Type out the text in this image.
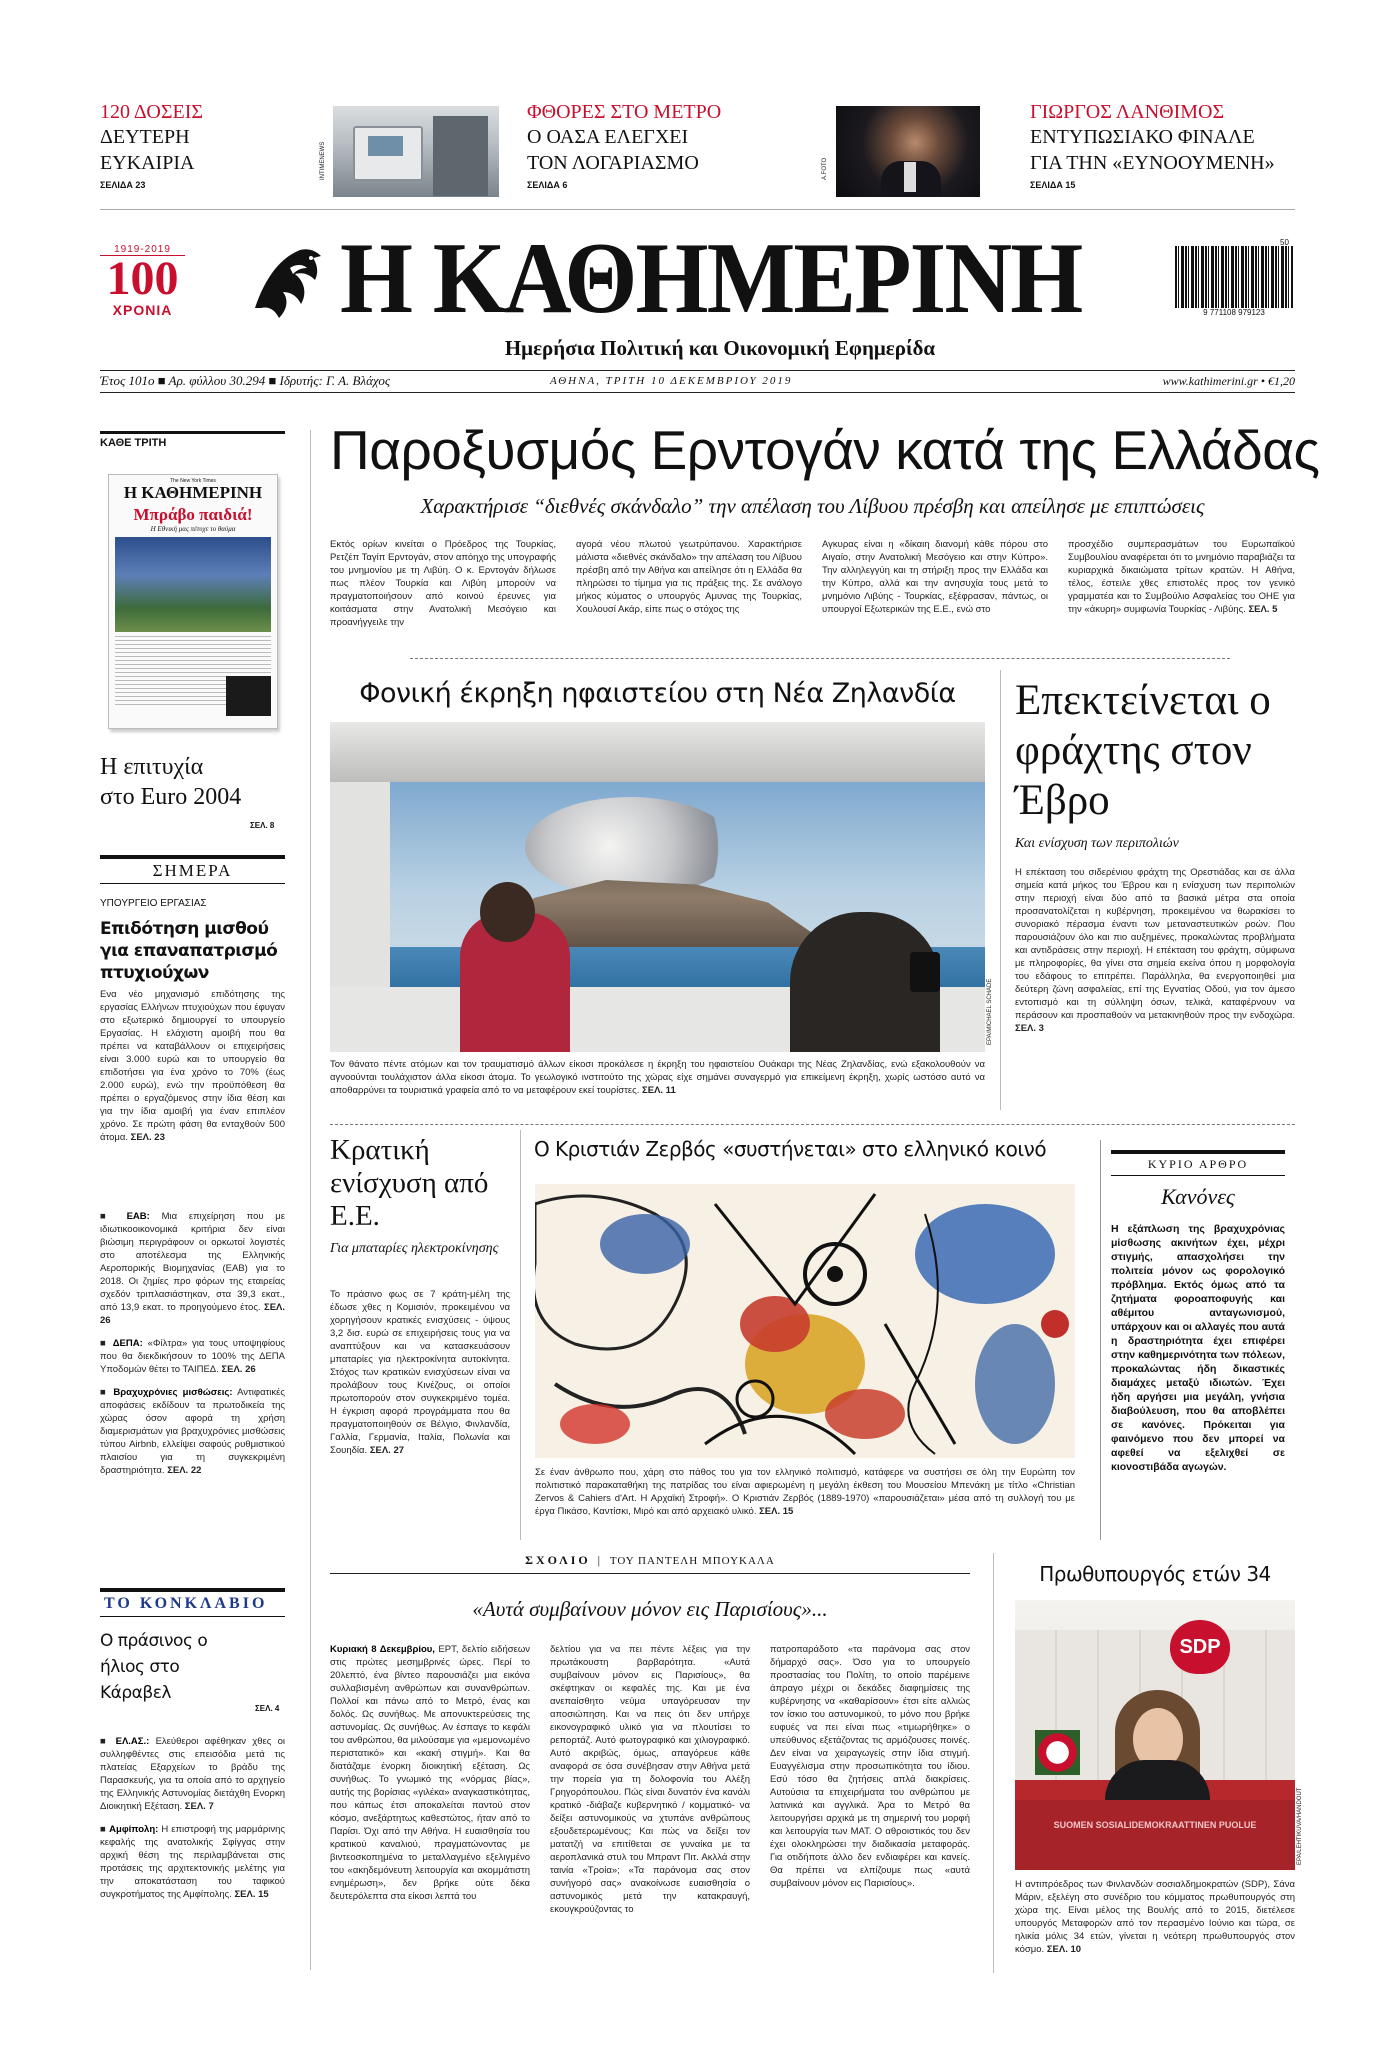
120 ΔΟΣΕΙΣ
ΔΕΥΤΕΡΗ
ΕΥΚΑΙΡΙΑ
ΣΕΛΙΔΑ 23
INTIMENEWS
ΦΘΟΡΕΣ ΣΤΟ ΜΕΤΡΟ
Ο ΟΑΣΑ ΕΛΕΓΧΕΙ
ΤΟΝ ΛΟΓΑΡΙΑΣΜΟ
ΣΕΛΙΔΑ 6
A.FOTO
ΓΙΩΡΓΟΣ ΛΑΝΘΙΜΟΣ
ΕΝΤΥΠΩΣΙΑΚΟ ΦΙΝΑΛΕ
ΓΙΑ ΤΗΝ «ΕΥΝΟΟΥΜΕΝΗ»
ΣΕΛΙΔΑ 15
1919-2019
100
ΧΡΟΝΙΑ Η ΚΑΘΗΜΕΡΙΝΗ
Ημερήσια Πολιτική και Οικονομική Εφημερίδα
9 771108 979123
50
Έτος 101ο ■ Αρ. φύλλου 30.294 ■ Ιδρυτής: Γ. Α. Βλάχος	ΑΘΗΝΑ, ΤΡΙΤΗ 10 ΔΕΚΕΜΒΡΙΟΥ 2019	www.kathimerini.gr • €1,20
ΚΑΘΕ ΤΡΙΤΗ
The New York Times
Η ΚΑΘΗΜΕΡΙΝΗ
Μπράβο παιδιά!
Η Εθνική μας πέτυχε το θαύμα
Η επιτυχία
στο Euro 2004
ΣΕΛ. 8
ΣΗΜΕΡΑ
ΥΠΟΥΡΓΕΙΟ ΕΡΓΑΣΙΑΣ
Επιδότηση μισθού για επαναπατρισμό πτυχιούχων
Ενα νέο μηχανισμό επιδότησης της εργασίας Ελλήνων πτυχιούχων που έφυγαν στο εξωτερικό δημιουργεί το υπουργείο Εργασίας. Η ελάχιστη αμοιβή που θα πρέπει να καταβάλλουν οι επιχειρήσεις είναι 3.000 ευρώ και το υπουργείο θα επιδοτήσει για ένα χρόνο το 70% (έως 2.000 ευρώ), ενώ την προϋπόθεση θα πρέπει ο εργαζόμενος στην ίδια θέση και για την ίδια αμοιβή για έναν επιπλέον χρόνο. Σε πρώτη φάση θα ενταχθούν 500 άτομα. ΣΕΛ. 23
■ ΕΑΒ: Μια επιχείρηση που με ιδιωτικοοικονομικά κριτήρια δεν είναι βιώσιμη περιγράφουν οι ορκωτοί λογιστές στο αποτέλεσμα της Ελληνικής Αεροπορικής Βιομηχανίας (ΕΑΒ) για το 2018. Οι ζημίες προ φόρων της εταιρείας σχεδόν τριπλασιάστηκαν, στα 39,3 εκατ., από 13,9 εκατ. το προηγούμενο έτος. ΣΕΛ. 26
■ ΔΕΠΑ: «Φίλτρα» για τους υποψηφίους που θα διεκδικήσουν το 100% της ΔΕΠΑ Υποδομών θέτει το ΤΑΙΠΕΔ. ΣΕΛ. 26
■ Βραχυχρόνιες μισθώσεις: Αντιφατικές αποφάσεις εκδίδουν τα πρωτοδικεία της χώρας όσον αφορά τη χρήση διαμερισμάτων για βραχυχρόνιες μισθώσεις τύπου Airbnb, ελλείψει σαφούς ρυθμιστικού πλαισίου για τη συγκεκριμένη δραστηριότητα. ΣΕΛ. 22
ΤΟ ΚΟΝΚΛΑΒΙΟ
Ο πράσινος ο ήλιος στο Κάραβελ
ΣΕΛ. 4
■ ΕΛ.ΑΣ.: Ελεύθεροι αφέθηκαν χθες οι συλληφθέντες στις επεισόδια μετά τις πλατείας Εξαρχείων το βράδυ της Παρασκευής, για τα οποία από το αρχηγείο της Ελληνικής Αστυνομίας διετάχθη Ενορκη Διοικητική Εξέταση. ΣΕΛ. 7
■ Αμφίπολη: Η επιστροφή της μαρμάρινης κεφαλής της ανατολικής Σφίγγας στην αρχική θέση της περιλαμβάνεται στις προτάσεις της αρχιτεκτονικής μελέτης για την αποκατάσταση του ταφικού συγκροτήματος της Αμφίπολης. ΣΕΛ. 15
Παροξυσμός Ερντογάν κατά της Ελλάδας
Χαρακτήρισε “διεθνές σκάνδαλο” την απέλαση του Λίβυου πρέσβη και απείλησε με επιπτώσεις
Εκτός ορίων κινείται ο Πρόεδρος της Τουρκίας, Ρετζέπ Ταγίπ Ερντογάν, στον απόηχο της υπογραφής του μνημονίου με τη Λιβύη. Ο κ. Ερντογάν δήλωσε πως πλέον Τουρκία και Λιβύη μπορούν να πραγματοποιήσουν από κοινού έρευνες για κοιτάσματα στην Ανατολική Μεσόγειο και προανήγγειλε την
αγορά νέου πλωτού γεωτρύπανου. Χαρακτήρισε μάλιστα «διεθνές σκάνδαλο» την απέλαση του Λίβυου πρέσβη από την Αθήνα και απείλησε ότι η Ελλάδα θα πληρώσει το τίμημα για τις πράξεις της. Σε ανάλογο μήκος κύματος ο υπουργός Αμυνας της Τουρκίας, Χουλουσί Ακάρ, είπε πως ο στόχος της
Αγκυρας είναι η «δίκαιη διανομή κάθε πόρου στο Αιγαίο, στην Ανατολική Μεσόγειο και στην Κύπρο». Την αλληλεγγύη και τη στήριξη προς την Ελλάδα και την Κύπρο, αλλά και την ανησυχία τους μετά το μνημόνιο Λιβύης - Τουρκίας, εξέφρασαν, πάντως, οι υπουργοί Εξωτερικών της Ε.Ε., ενώ στο
προσχέδιο συμπερασμάτων του Ευρωπαϊκού Συμβουλίου αναφέρεται ότι το μνημόνιο παραβιάζει τα κυριαρχικά δικαιώματα τρίτων κρατών. Η Αθήνα, τέλος, έστειλε χθες επιστολές προς τον γενικό γραμματέα και το Συμβούλιο Ασφαλείας του ΟΗΕ για την «άκυρη» συμφωνία Τουρκίας - Λιβύης. ΣΕΛ. 5
Φονική έκρηξη ηφαιστείου στη Νέα Ζηλανδία
EPA/MICHAEL SCHADE
Τον θάνατο πέντε ατόμων και τον τραυματισμό άλλων είκοσι προκάλεσε η έκρηξη του ηφαιστείου Ουάκαρι της Νέας Ζηλανδίας, ενώ εξακολουθούν να αγνοούνται τουλάχιστον άλλα είκοσι άτομα. Το γεωλογικό ινστιτούτο της χώρας είχε σημάνει συναγερμό για επικείμενη έκρηξη, χωρίς ωστόσο αυτό να αποθαρρύνει τα τουριστικά γραφεία από το να μεταφέρουν εκεί τουρίστες. ΣΕΛ. 11
Επεκτείνεται ο φράχτης στον Έβρο
Και ενίσχυση των περιπολιών
Η επέκταση του σιδερένιου φράχτη της Ορεστιάδας και σε άλλα σημεία κατά μήκος του Έβρου και η ενίσχυση των περιπολιών στην περιοχή είναι δύο από τα βασικά μέτρα στα οποία προσανατολίζεται η κυβέρνηση, προκειμένου να θωρακίσει το συνοριακό πέρασμα έναντι των μεταναστευτικών ροών. Που παρουσιάζουν όλο και πιο αυξημένες, προκαλώντας προβλήματα και αντιδράσεις στην περιοχή. Η επέκταση του φράχτη, σύμφωνα με πληροφορίες, θα γίνει στα σημεία εκείνα όπου η μορφολογία του εδάφους το επιτρέπει. Παράλληλα, θα ενεργοποιηθεί μια δεύτερη ζώνη ασφαλείας, επί της Εγνατίας Οδού, για τον άμεσο εντοπισμό και τη σύλληψη όσων, τελικά, καταφέρνουν να περάσουν και προσπαθούν να μετακινηθούν προς την ενδοχώρα. ΣΕΛ. 3
Κρατική ενίσχυση από Ε.Ε.
Για μπαταρίες ηλεκτροκίνησης
Το πράσινο φως σε 7 κράτη-μέλη της έδωσε χθες η Κομισιόν, προκειμένου να χορηγήσουν κρατικές ενισχύσεις - ύψους 3,2 δισ. ευρώ σε επιχειρήσεις τους για να αναπτύξουν και να κατασκευάσουν μπαταρίες για ηλεκτροκίνητα αυτοκίνητα. Στόχος των κρατικών ενισχύσεων είναι να προλάβουν τους Κινέζους, οι οποίοι πρωτοπορούν στον συγκεκριμένο τομέα. Η έγκριση αφορά προγράμματα που θα πραγματοποιηθούν σε Βέλγιο, Φινλανδία, Γαλλία, Γερμανία, Ιταλία, Πολωνία και Σουηδία. ΣΕΛ. 27
Ο Κριστιάν Ζερβός «συστήνεται» στο ελληνικό κοινό
Σε έναν άνθρωπο που, χάρη στο πάθος του για τον ελληνικό πολιτισμό, κατάφερε να συστήσει σε όλη την Ευρώπη τον πολιτιστικό παρακαταθήκη της πατρίδας του είναι αφιερωμένη η μεγάλη έκθεση του Μουσείου Μπενάκη με τίτλο «Christian Zervos & Cahiers d'Art. Η Αρχαϊκή Στροφή». Ο Κριστιάν Ζερβός (1889-1970) «παρουσιάζεται» μέσα από τη συλλογή του με έργα Πικάσο, Καντίσκι, Μιρό και από αρχειακό υλικό. ΣΕΛ. 15
ΚΥΡΙΟ ΑΡΘΡΟ
Κανόνες
Η εξάπλωση της βραχυχρόνιας μίσθωσης ακινήτων έχει, μέχρι στιγμής, απασχολήσει την πολιτεία μόνον ως φορολογικό πρόβλημα. Εκτός όμως από τα ζητήματα φοροαποφυγής και αθέμιτου ανταγωνισμού, υπάρχουν και οι αλλαγές που αυτά η δραστηριότητα έχει επιφέρει στην καθημερινότητα των πόλεων, προκαλώντας ήδη δικαστικές διαμάχες μεταξύ ιδιωτών. Έχει ήδη αργήσει μια μεγάλη, γνήσια διαβούλευση, που θα αποβλέπει σε κανόνες. Πρόκειται για φαινόμενο που δεν μπορεί να αφεθεί να εξελιχθεί σε κιονοστιβάδα αγωγών.
ΣΧΟΛΙΟ | ΤΟΥ ΠΑΝΤΕΛΗ ΜΠΟΥΚΑΛΑ
«Αυτά συμβαίνουν μόνον εις Παρισίους»...
Κυριακή 8 Δεκεμβρίου, ΕΡΤ, δελτίο ειδήσεων στις πρώτες μεσημβρινές ώρες. Περί το 20λεπτό, ένα βίντεο παρουσιάζει μια εικόνα συλλαβισμένη ανθρώπων και συνανθρώπων. Πολλοί και πάνω από το Μετρό, ένας και δολός. Ως συνήθως. Με απονυκτερεύσεις της αστυνομίας. Ως συνήθως. Αν έσπαγε το κεφάλι του ανθρώπου, θα μιλούσαμε για «μεμονωμένο περιστατικό» και «κακή στιγμή». Και θα διατάζαμε ένορκη διοικητική εξέταση. Ως συνήθως. Το γνωμικό της «νόρμας βίας», αυτής της βορίσιας «γιλέκα» αναγκαστικότητας, που κάπως έτσι αποκαλείται παντού στον κόσμο, ανεξάρτητως καθεστώτος, ήταν από το Παρίσι. Όχι από την Αθήνα. Η ευαισθησία του κρατικού καναλιού, πραγματώνοντας με βιντεοσκοπημένα το μεταλλαγμένο εξελιγμένο του «ακηδεμόνευτη λειτουργία και ακομμάτιστη ενημέρωση», δεν βρήκε ούτε δέκα δευτερόλεπτα στα είκοσι λεπτά του
δελτίου για να πει πέντε λέξεις για την πρωτάκουστη βαρβαρότητα. «Αυτά συμβαίνουν μόνον εις Παρισίους», θα σκέφτηκαν οι κεφαλές της. Και με ένα ανεπαίσθητο νεύμα υπαγόρευσαν την αποσιώπηση. Και να πεις ότι δεν υπήρχε εικονογραφικό υλικό για να πλουτίσει το ρεπορτάζ. Αυτό φωτογραφικό και χιλιογραφικό. Αυτό ακριβώς, όμως, απαγόρευε κάθε αναφορά σε όσα συνέβησαν στην Αθήνα μετά την πορεία για τη δολοφονία του Αλέξη Γρηγορόπουλου. Πώς είναι δυνατόν ένα κανάλι κρατικό -διάβαζε κυβερνητικό / κομματικό- να δείξει αστυνομικούς να χτυπάνε ανθρώπους εξουδετερωμένους; Και πώς να δείξει τον ματατζή να επιτίθεται σε γυναίκα με τα αεροπλανικά στυλ του Μπραντ Πιτ. Ακλλά στην ταινία «Τροία»; «Τα παράνομα σας στον συνήγορό σας» ανακοίνωσε ευαισθησία ο αστυνομικός μετά την κατακραυγή, εκουγκρούζοντας το
πατροπαράδοτο «τα παράνομα σας στον δήμαρχό σας». Όσο για το υπουργείο προστασίας του Πολίτη, το οποίο παρέμεινε άπραγο μέχρι οι δεκάδες διαφημίσεις της κυβέρνησης να «καθαρίσουν» έτσι είτε αλλιώς τον ίσκιο του αστυνομικού, το μόνο που βρήκε ευφυές να πει είναι πως «τιμωρήθηκε» ο υπεύθυνος εξετάζοντας τις αρμόζουσες ποινές. Δεν είναι να χειραγωγείς στην ίδια στιγμή. Ευαγγέλισμα στην προσωπικότητα του ίδιου. Εσύ τόσο θα ζητήσεις απλά διακρίσεις. Αυτούσια τα επιχειρήματα του ανθρώπου με λατινικά και αγγλικά. Άρα το Μετρό θα λειτουργήσει αρχικά με τη σημερινή του μορφή και λειτουργία των ΜΑΤ. Ο αθροιστικός του δεν έχει ολοκληρώσει την διαδικασία μεταφοράς. Για οτιδήποτε άλλο δεν ενδιαφέρει και κανείς. Θα πρέπει να ελπίζουμε πως «αυτά συμβαίνουν μόνον εις Παρισίους».
Πρωθυπουργός ετών 34
SDP
SUOMEN SOSIALIDEMOKRAATTINEN PUOLUE	EPA/LEHTIKUVA/HANDOUT
Η αντιπρόεδρος των Φινλανδών σοσιαλδημοκρατών (SDP), Σάνα Μάριν, εξελέγη στο συνέδριο του κόμματος πρωθυπουργός στη χώρα της. Είναι μέλος της Βουλής από το 2015, διετέλεσε υπουργός Μεταφορών από τον περασμένο Ιούνιο και τώρα, σε ηλικία μόλις 34 ετών, γίνεται η νεότερη πρωθυπουργός στον κόσμο. ΣΕΛ. 10
